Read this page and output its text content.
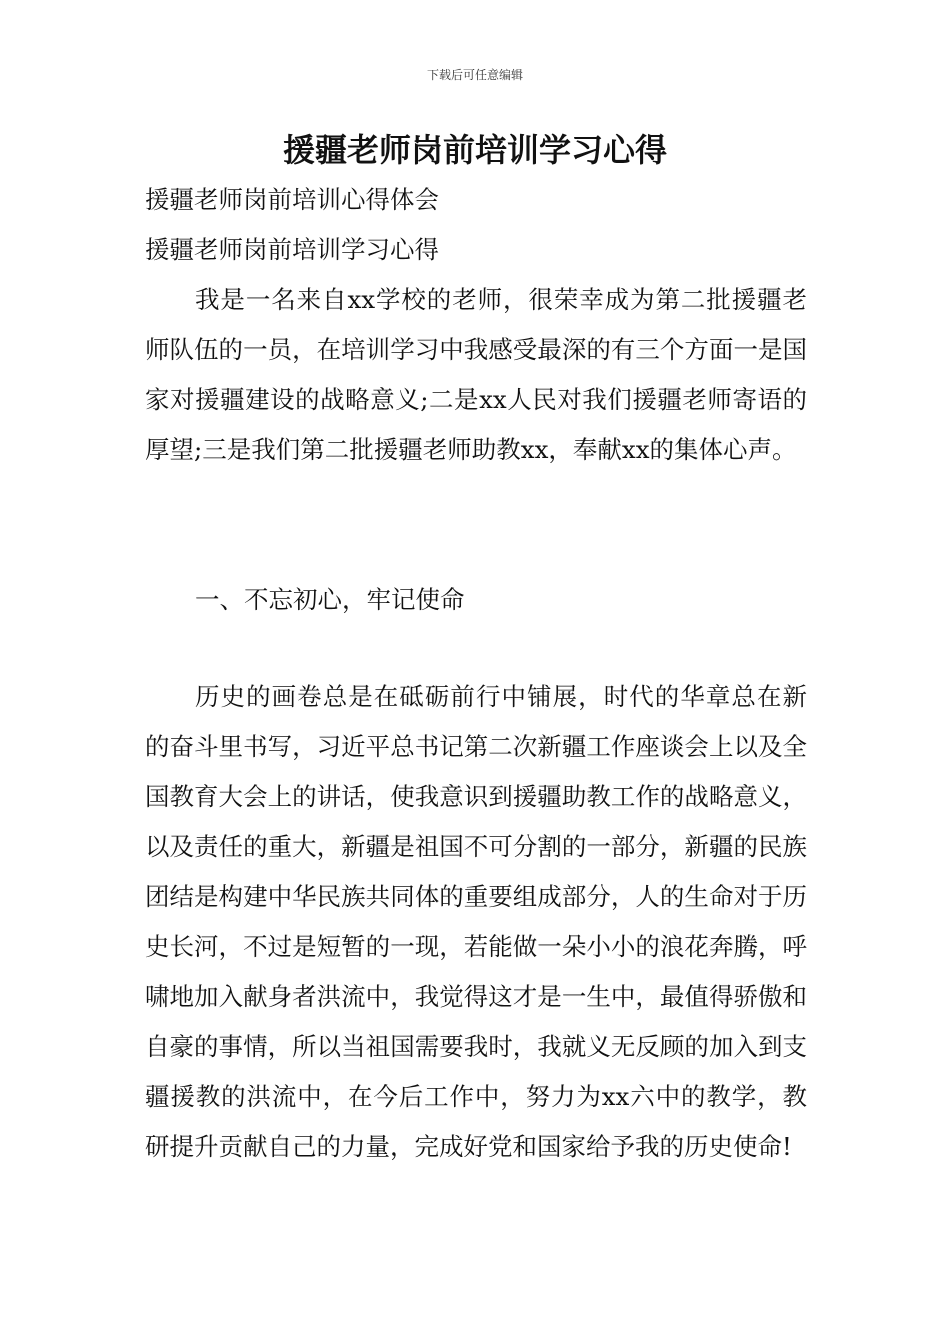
下载后可任意编辑
援疆老师岗前培训学习心得

援疆老师岗前培训心得体会

援疆老师岗前培训学习心得

我是一名来自xx学校的老师，很荣幸成为第二批援疆老师队伍的一员，在培训学习中我感受最深的有三个方面一是国家对援疆建设的战略意义;二是xx人民对我们援疆老师寄语的厚望;三是我们第二批援疆老师助教xx，奉献xx的集体心声。

一、不忘初心，牢记使命

历史的画卷总是在砥砺前行中铺展，时代的华章总在新的奋斗里书写，习近平总书记第二次新疆工作座谈会上以及全国教育大会上的讲话，使我意识到援疆助教工作的战略意义，以及责任的重大，新疆是祖国不可分割的一部分，新疆的民族团结是构建中华民族共同体的重要组成部分，人的生命对于历史长河，不过是短暂的一现，若能做一朵小小的浪花奔腾，呼啸地加入献身者洪流中，我觉得这才是一生中，最值得骄傲和自豪的事情，所以当祖国需要我时，我就义无反顾的加入到支疆援教的洪流中，在今后工作中，努力为xx六中的教学，教研提升贡献自己的力量，完成好党和国家给予我的历史使命!
